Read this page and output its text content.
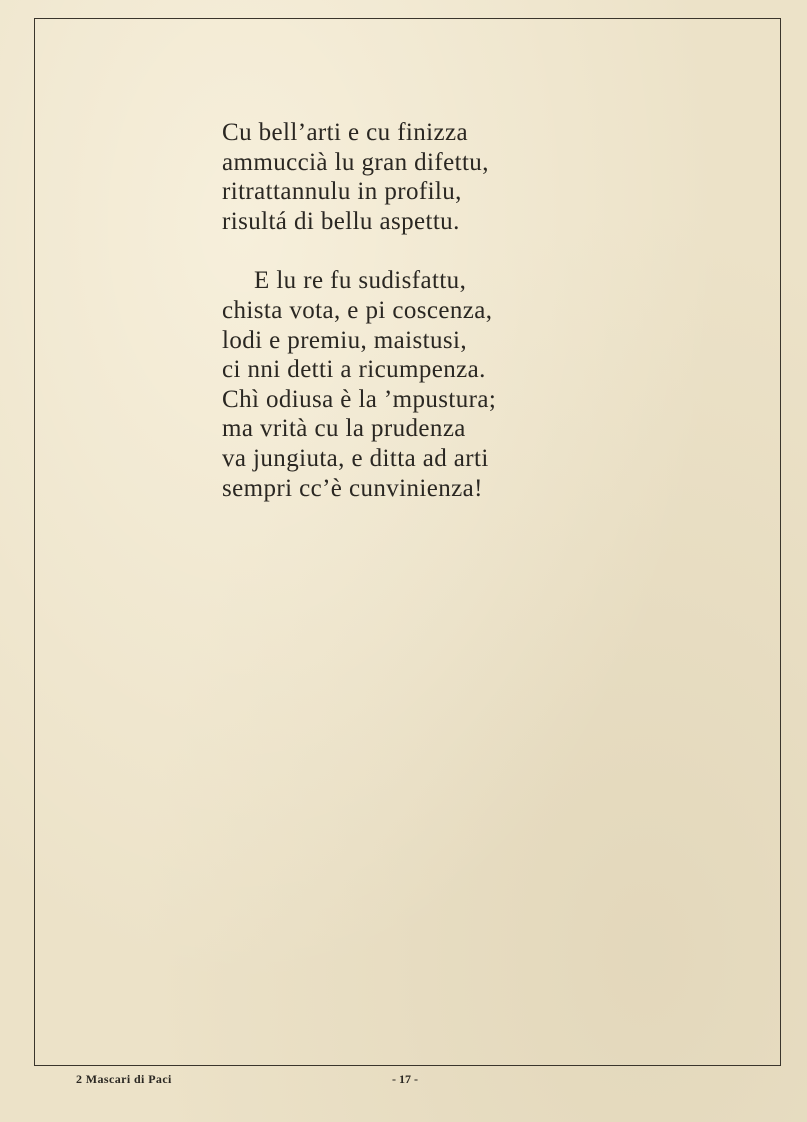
Cu bell’arti e cu finizza
ammuccià lu gran difettu,
ritrattannulu in profilu,
risultá di bellu aspettu.
E lu re fu sudisfattu,
chista vota, e pi coscenza,
lodi e premiu, maistusi,
ci nni detti a ricumpenza.
Chì odiusa è la ’mpustura;
ma vrità cu la prudenza
va jungiuta, e ditta ad arti
sempri cc’è cunvinienza!
2 Mascari di Paci	- 17 -
